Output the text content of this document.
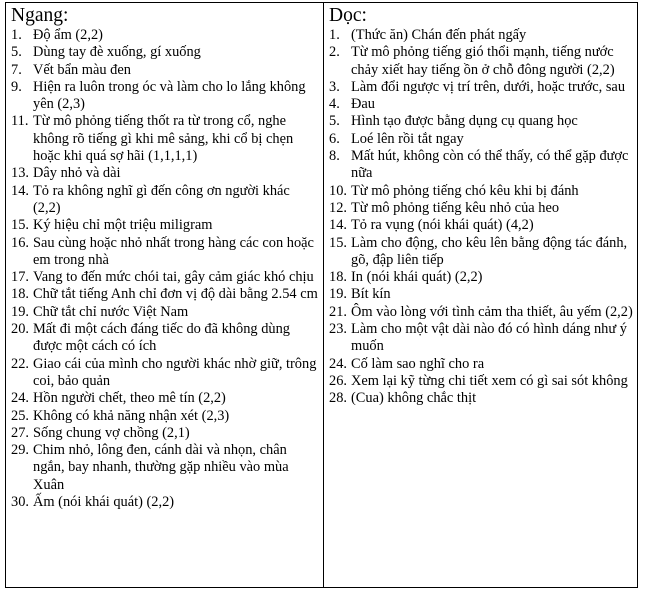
Ngang:
1. Độ ẩm (2,2)
5. Dùng tay đè xuống, gí xuống
7. Vết bẩn màu đen
9. Hiện ra luôn trong óc và làm cho lo lắng không yên (2,3)
11. Từ mô phỏng tiếng thốt ra từ trong cổ, nghe không rõ tiếng gì khi mê sảng, khi cổ bị chẹn hoặc khi quá sợ hãi (1,1,1,1)
13. Dây nhỏ và dài
14. Tỏ ra không nghĩ gì đến công ơn người khác (2,2)
15. Ký hiệu chỉ một triệu miligram
16. Sau cùng hoặc nhỏ nhất trong hàng các con hoặc em trong nhà
17. Vang to đến mức chói tai, gây cảm giác khó chịu
18. Chữ tắt tiếng Anh chỉ đơn vị độ dài bằng 2.54 cm
19. Chữ tắt chỉ nước Việt Nam
20. Mất đi một cách đáng tiếc do đã không dùng được một cách có ích
22. Giao cái của mình cho người khác nhờ giữ, trông coi, bảo quản
24. Hồn người chết, theo mê tín (2,2)
25. Không có khả năng nhận xét (2,3)
27. Sống chung vợ chồng (2,1)
29. Chim nhỏ, lông đen, cánh dài và nhọn, chân ngắn, bay nhanh, thường gặp nhiều vào mùa Xuân
30. Ấm (nói khái quát) (2,2)
Dọc:
1. (Thức ăn) Chán đến phát ngấy
2. Từ mô phỏng tiếng gió thổi mạnh, tiếng nước chảy xiết hay tiếng ồn ở chỗ đông người (2,2)
3. Làm đổi ngược vị trí trên, dưới, hoặc trước, sau
4. Đau
5. Hình tạo được bằng dụng cụ quang học
6. Loé lên rồi tắt ngay
8. Mất hút, không còn có thể thấy, có thể gặp được nữa
10. Từ mô phỏng tiếng chó kêu khi bị đánh
12. Từ mô phỏng tiếng kêu nhỏ của heo
14. Tỏ ra vụng (nói khái quát) (4,2)
15. Làm cho động, cho kêu lên bằng động tác đánh, gõ, đập liên tiếp
18. In (nói khái quát) (2,2)
19. Bít kín
21. Ôm vào lòng với tình cảm tha thiết, âu yếm (2,2)
23. Làm cho một vật dài nào đó có hình dáng như ý muốn
24. Cố làm sao nghĩ cho ra
26. Xem lại kỹ từng chi tiết xem có gì sai sót không
28. (Cua) không chắc thịt
